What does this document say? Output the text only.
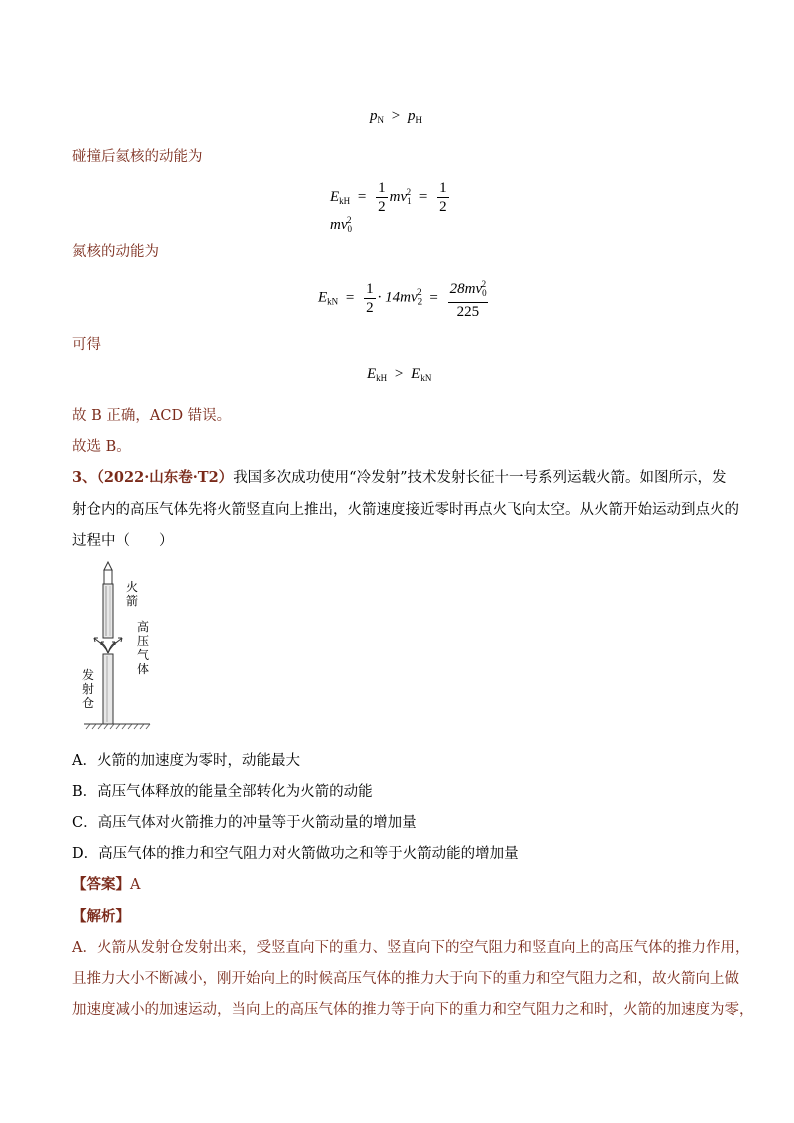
$p_N > p_H$
碰撞后氦核的动能为
$E_{kH} = \frac{1}{2} mv_1^2 = \frac{1}{2}$
$mv_0^2$
氮核的动能为
$E_{kN} = \frac{1}{2} \cdot 14mv_2^2 = \frac{28mv_0^2}{225}$
可得
$E_{kH} > E_{kN}$
故 B 正确，ACD 错误。
故选 B。
3、（2022·山东卷·T2）我国多次成功使用“冷发射”技术发射长征十一号系列运载火箭。如图所示，发
射仓内的高压气体先将火箭竖直向上推出，火箭速度接近零时再点火飞向太空。从火箭开始运动到点火的
过程中（　　）
火箭
高压气体
发射仓
A．火箭的加速度为零时，动能最大
B．高压气体释放的能量全部转化为火箭的动能
C．高压气体对火箭推力的冲量等于火箭动量的增加量
D．高压气体的推力和空气阻力对火箭做功之和等于火箭动能的增加量
【答案】A
【解析】
A．火箭从发射仓发射出来，受竖直向下的重力、竖直向下的空气阻力和竖直向上的高压气体的推力作用，
且推力大小不断减小，刚开始向上的时候高压气体的推力大于向下的重力和空气阻力之和，故火箭向上做
加速度减小的加速运动，当向上的高压气体的推力等于向下的重力和空气阻力之和时，火箭的加速度为零，
